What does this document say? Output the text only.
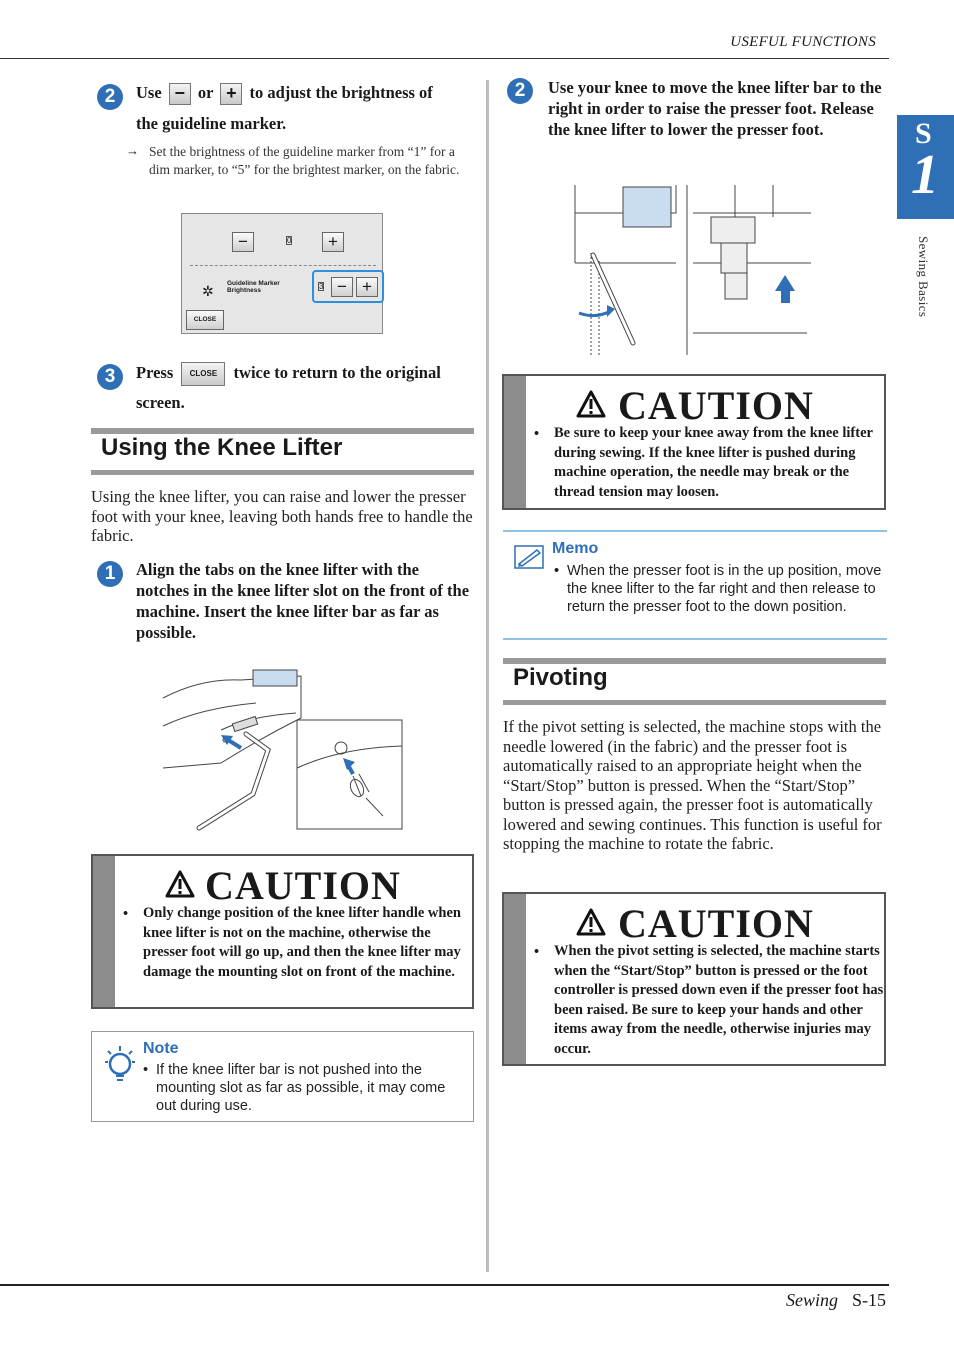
USEFUL FUNCTIONS
S
1
Sewing Basics
2	Use − or + to adjust the brightness of
the guideline marker.
→ Set the brightness of the guideline marker from “1” for a dim marker, to “5” for the brightest marker, on the fabric.
−	0	+
✲ Guideline Marker
Brightness	3 − +
CLOSE
3	Press CLOSE twice to return to the original
screen.
Using the Knee Lifter
Using the knee lifter, you can raise and lower the presser foot with your knee, leaving both hands free to handle the fabric.
1	Align the tabs on the knee lifter with the notches in the knee lifter slot on the front of the machine. Insert the knee lifter bar as far as possible.
CAUTION
• Only change position of the knee lifter handle when knee lifter is not on the machine, otherwise the presser foot will go up, and then the knee lifter may damage the mounting slot on front of the machine.
Note
• If the knee lifter bar is not pushed into the mounting slot as far as possible, it may come out during use.
2	Use your knee to move the knee lifter bar to the right in order to raise the presser foot. Release the knee lifter to lower the presser foot.
CAUTION
• Be sure to keep your knee away from the knee lifter during sewing. If the knee lifter is pushed during machine operation, the needle may break or the thread tension may loosen.
Memo
• When the presser foot is in the up position, move the knee lifter to the far right and then release to return the presser foot to the down position.
Pivoting
If the pivot setting is selected, the machine stops with the needle lowered (in the fabric) and the presser foot is automatically raised to an appropriate height when the “Start/Stop” button is pressed. When the “Start/Stop” button is pressed again, the presser foot is automatically lowered and sewing continues. This function is useful for stopping the machine to rotate the fabric.
CAUTION
• When the pivot setting is selected, the machine starts when the “Start/Stop” button is pressed or the foot controller is pressed down even if the presser foot has been raised. Be sure to keep your hands and other items away from the needle, otherwise injuries may occur.
Sewing S-15
